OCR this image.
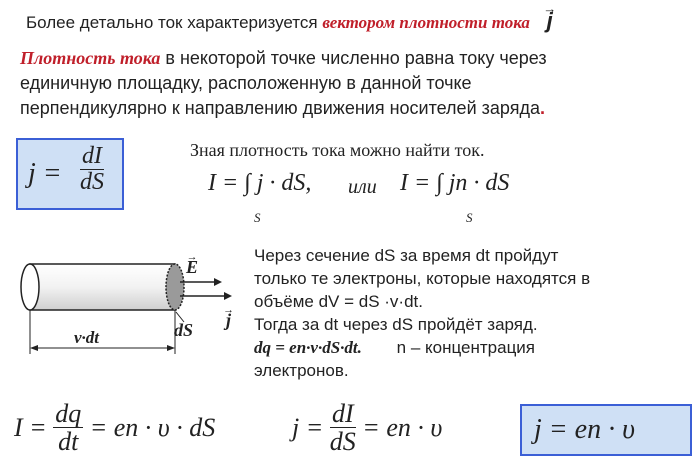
Более детально ток характеризуется вектором плотности тока → j
Плотность тока в некоторой точке численно равна току через
единичную площадку, расположенную в данной точке
перпендикулярно к направлению движения носителей заряда.
$j = \frac{dI}{dS}$	Зная плотность тока можно найти ток.
I = ∫ j · dS, или I = ∫ jn · dS
S	S
→ E → j
dS
v·dt
Через сечение dS за время dt пройдут
только те электроны, которые находятся в
объёме dV = dS ·v·dt.
Тогда за dt через dS пройдёт заряд.
dq = en·v·dS·dt. n – концентрация
электронов.
$I = \frac{dq}{dt}$ = en · υ · dS	$j = \frac{dI}{dS}$ = en · υ	j = en · υ
